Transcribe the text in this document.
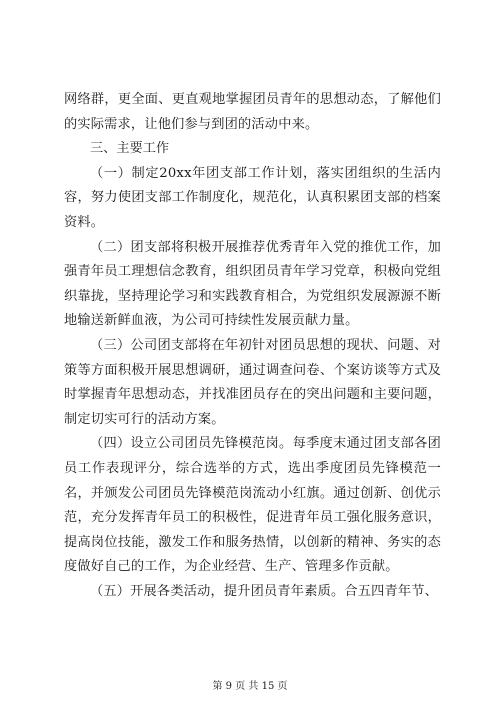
网络群，更全面、更直观地掌握团员青年的思想动态，了解他们的实际需求，让他们参与到团的活动中来。

三、主要工作

（一）制定20xx年团支部工作计划，落实团组织的生活内容，努力使团支部工作制度化，规范化，认真积累团支部的档案资料。

（二）团支部将积极开展推荐优秀青年入党的推优工作，加强青年员工理想信念教育，组织团员青年学习党章，积极向党组织靠拢，坚持理论学习和实践教育相合，为党组织发展源源不断地输送新鲜血液，为公司可持续性发展贡献力量。

（三）公司团支部将在年初针对团员思想的现状、问题、对策等方面积极开展思想调研，通过调查问卷、个案访谈等方式及时掌握青年思想动态，并找准团员存在的突出问题和主要问题，制定切实可行的活动方案。

（四）设立公司团员先锋模范岗。每季度末通过团支部各团员工作表现评分，综合选举的方式，选出季度团员先锋模范一名，并颁发公司团员先锋模范岗流动小红旗。通过创新、创优示范，充分发挥青年员工的积极性，促进青年员工强化服务意识，提高岗位技能，激发工作和服务热情，以创新的精神、务实的态度做好自己的工作，为企业经营、生产、管理多作贡献。

（五）开展各类活动，提升团员青年素质。合五四青年节、

第 9 页 共 15 页
